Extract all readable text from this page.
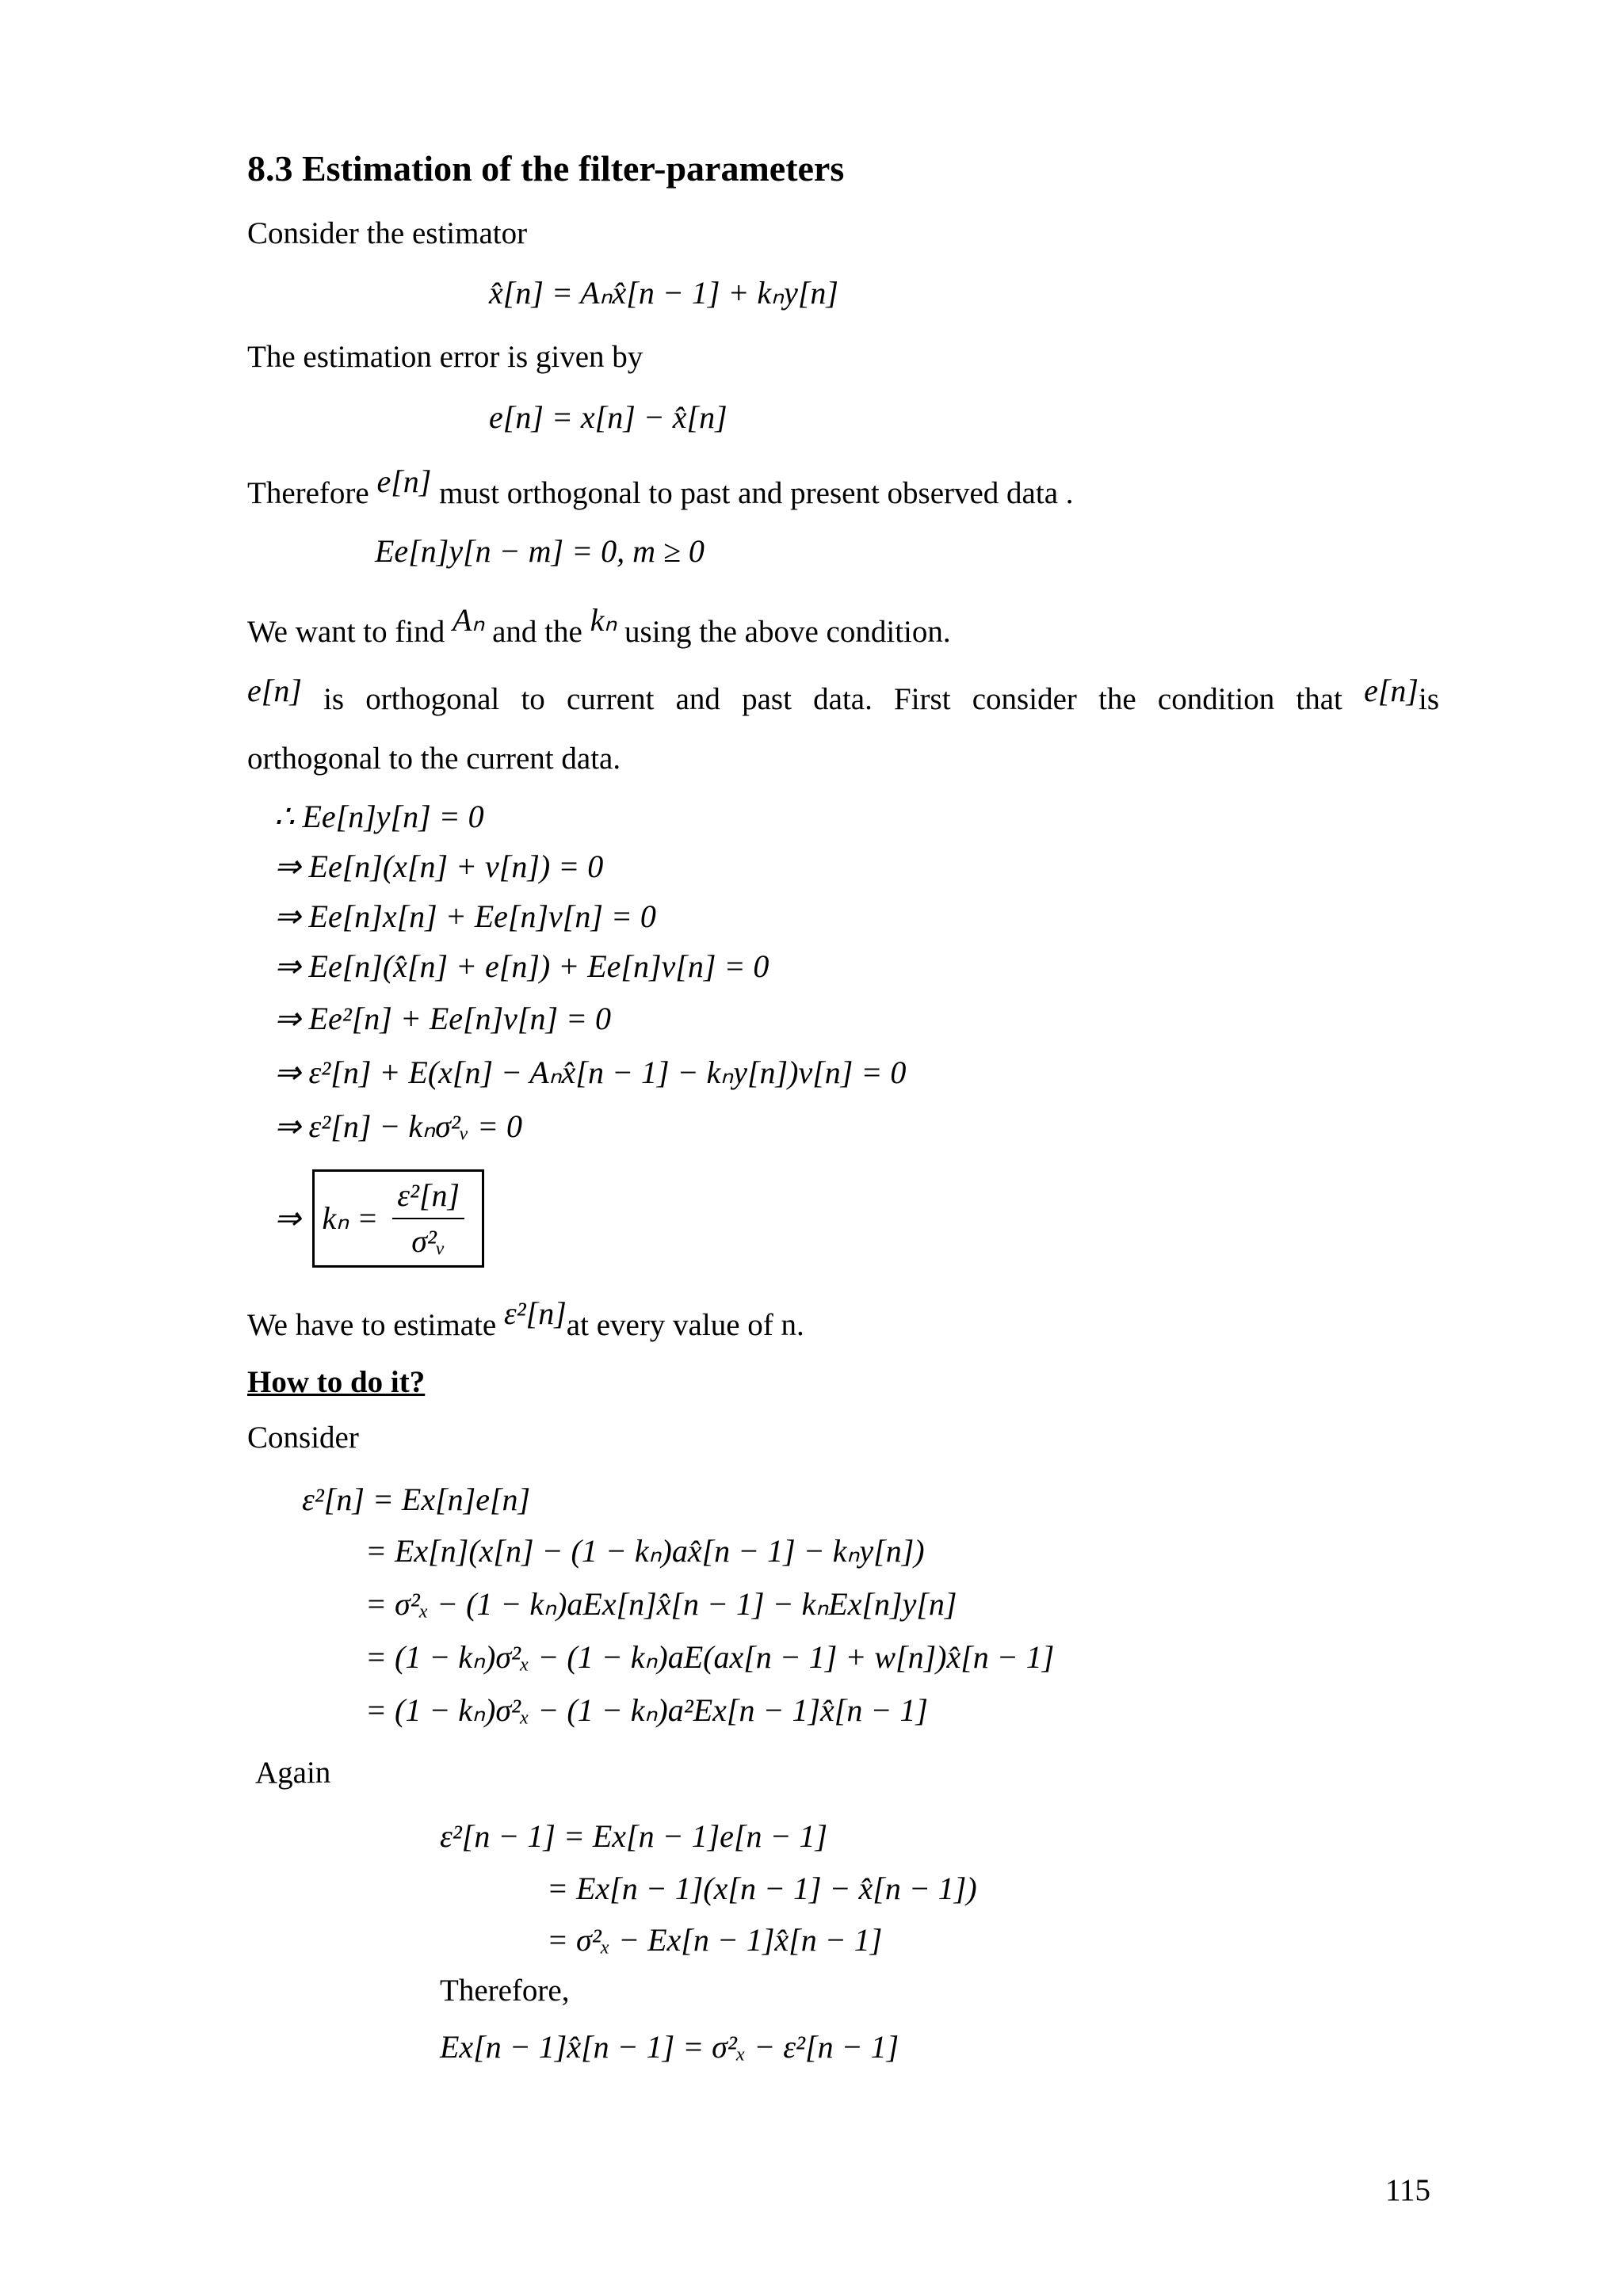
8.3 Estimation of the filter-parameters
Consider the estimator
x̂[n] = Aₙx̂[n − 1] + kₙy[n]
The estimation error is given by
e[n] = x[n] − x̂[n]
Therefore e[n] must orthogonal to past and present observed data .
Ee[n]y[n − m] = 0, m ≥ 0
We want to find Aₙ and the kₙ using the above condition.
e[n] is orthogonal to current and past data. First consider the condition that e[n]is
orthogonal to the current data.
∴ Ee[n]y[n] = 0
⇒ Ee[n](x[n] + v[n]) = 0
⇒ Ee[n]x[n] + Ee[n]v[n] = 0
⇒ Ee[n](x̂[n] + e[n]) + Ee[n]v[n] = 0
⇒ Ee²[n] + Ee[n]v[n] = 0
⇒ ε²[n] + E(x[n] − Aₙx̂[n − 1] − kₙy[n])v[n] = 0
⇒ ε²[n] − kₙσ²ᵥ = 0
⇒ $k_n = \frac{\text{ε²[n]}}{\text{σ²ᵥ}}$
We have to estimate ε²[n]at every value of n.
How to do it?
Consider
ε²[n] = Ex[n]e[n]
= Ex[n](x[n] − (1 − kₙ)ax̂[n − 1] − kₙy[n])
= σ²ₓ − (1 − kₙ)aEx[n]x̂[n − 1] − kₙEx[n]y[n]
= (1 − kₙ)σ²ₓ − (1 − kₙ)aE(ax[n − 1] + w[n])x̂[n − 1]
= (1 − kₙ)σ²ₓ − (1 − kₙ)a²Ex[n − 1]x̂[n − 1]
Again
ε²[n − 1] = Ex[n − 1]e[n − 1]
= Ex[n − 1](x[n − 1] − x̂[n − 1])
= σ²ₓ − Ex[n − 1]x̂[n − 1]
Therefore,
Ex[n − 1]x̂[n − 1] = σ²ₓ − ε²[n − 1]
115
